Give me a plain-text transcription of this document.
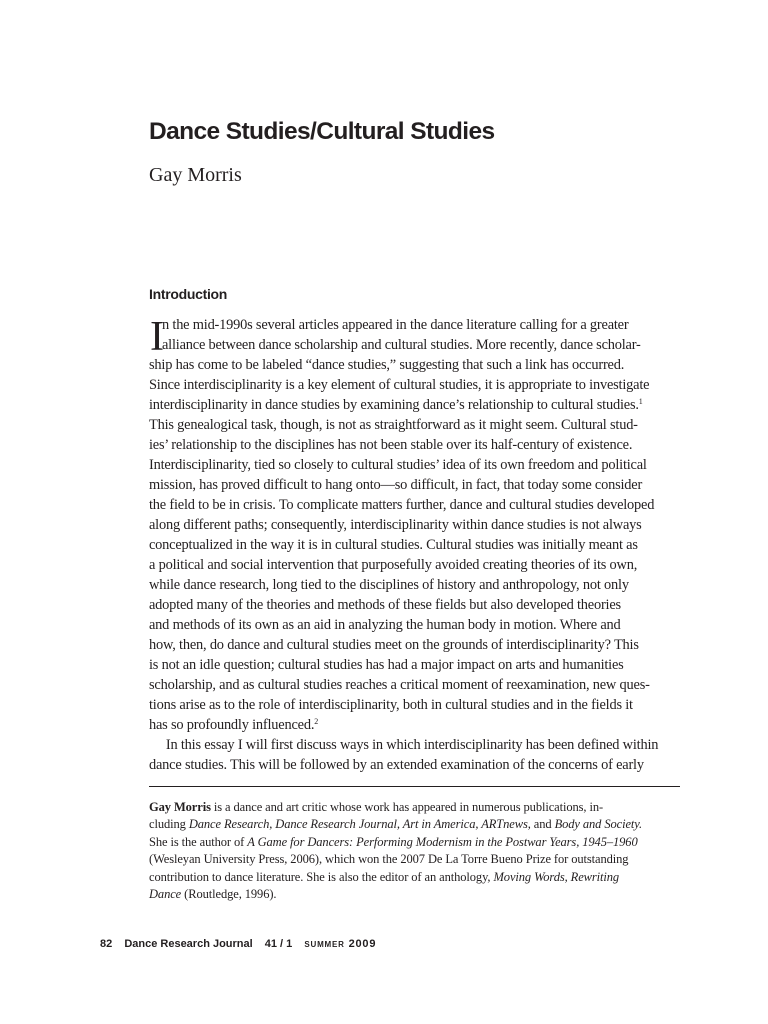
Dance Studies/Cultural Studies
Gay Morris
Introduction
I
n the mid-1990s several articles appeared in the dance literature calling for a greater
alliance between dance scholarship and cultural studies. More recently, dance scholar-
ship has come to be labeled “dance studies,” suggesting that such a link has occurred.
Since interdisciplinarity is a key element of cultural studies, it is appropriate to investigate
interdisciplinarity in dance studies by examining dance’s relationship to cultural studies.$^1$
This genealogical task, though, is not as straightforward as it might seem. Cultural stud-
ies’ relationship to the disciplines has not been stable over its half-century of existence.
Interdisciplinarity, tied so closely to cultural studies’ idea of its own freedom and political
mission, has proved difficult to hang onto—so difficult, in fact, that today some consider
the field to be in crisis. To complicate matters further, dance and cultural studies developed
along different paths; consequently, interdisciplinarity within dance studies is not always
conceptualized in the way it is in cultural studies. Cultural studies was initially meant as
a political and social intervention that purposefully avoided creating theories of its own,
while dance research, long tied to the disciplines of history and anthropology, not only
adopted many of the theories and methods of these fields but also developed theories
and methods of its own as an aid in analyzing the human body in motion. Where and
how, then, do dance and cultural studies meet on the grounds of interdisciplinarity? This
is not an idle question; cultural studies has had a major impact on arts and humanities
scholarship, and as cultural studies reaches a critical moment of reexamination, new ques-
tions arise as to the role of interdisciplinarity, both in cultural studies and in the fields it
has so profoundly influenced.$^2$
  In this essay I will first discuss ways in which interdisciplinarity has been defined within
dance studies. This will be followed by an extended examination of the concerns of early
Gay Morris is a dance and art critic whose work has appeared in numerous publications, in-
cluding Dance Research, Dance Research Journal, Art in America, ARTnews, and Body and Society.
She is the author of A Game for Dancers: Performing Modernism in the Postwar Years, 1945–1960
(Wesleyan University Press, 2006), which won the 2007 De La Torre Bueno Prize for outstanding
contribution to dance literature. She is also the editor of an anthology, Moving Words, Rewriting
Dance (Routledge, 1996).
82 Dance Research Journal 41 / 1 summer 2009
